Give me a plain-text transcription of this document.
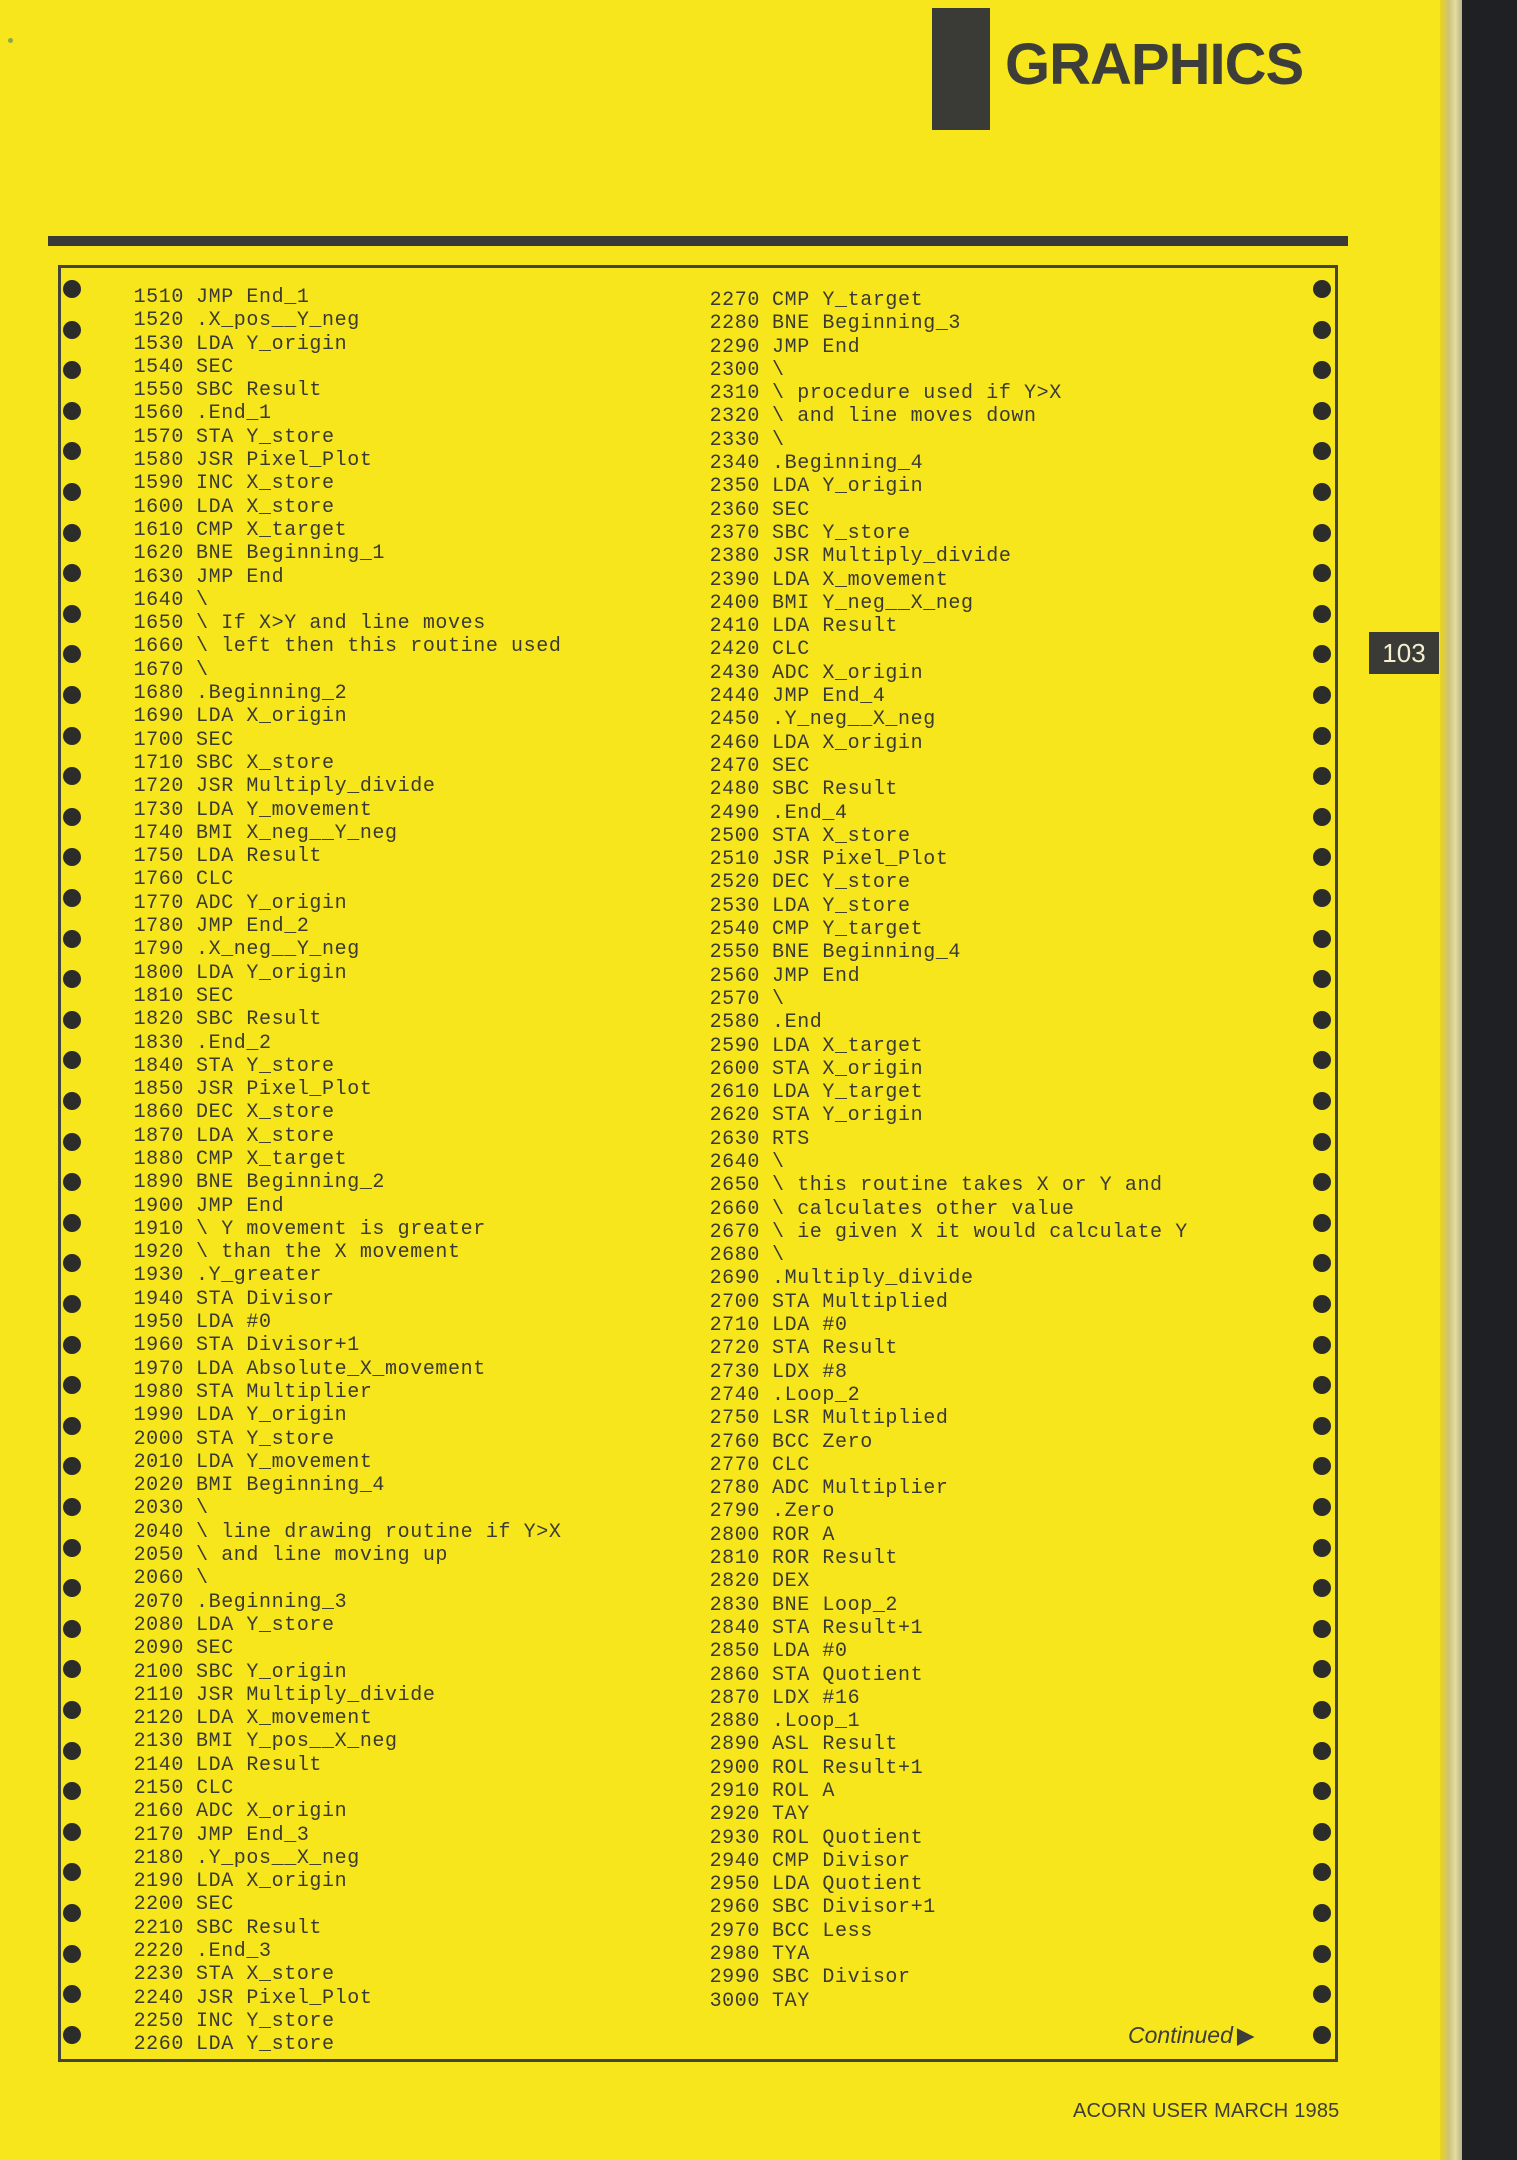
GRAPHICS
1510 JMP End_1
1520 .X_pos__Y_neg
1530 LDA Y_origin
1540 SEC
1550 SBC Result
1560 .End_1
1570 STA Y_store
1580 JSR Pixel_Plot
1590 INC X_store
1600 LDA X_store
1610 CMP X_target
1620 BNE Beginning_1
1630 JMP End
1640 \
1650 \ If X>Y and line moves
1660 \ left then this routine used
1670 \
1680 .Beginning_2
1690 LDA X_origin
1700 SEC
1710 SBC X_store
1720 JSR Multiply_divide
1730 LDA Y_movement
1740 BMI X_neg__Y_neg
1750 LDA Result
1760 CLC
1770 ADC Y_origin
1780 JMP End_2
1790 .X_neg__Y_neg
1800 LDA Y_origin
1810 SEC
1820 SBC Result
1830 .End_2
1840 STA Y_store
1850 JSR Pixel_Plot
1860 DEC X_store
1870 LDA X_store
1880 CMP X_target
1890 BNE Beginning_2
1900 JMP End
1910 \ Y movement is greater
1920 \ than the X movement
1930 .Y_greater
1940 STA Divisor
1950 LDA #0
1960 STA Divisor+1
1970 LDA Absolute_X_movement
1980 STA Multiplier
1990 LDA Y_origin
2000 STA Y_store
2010 LDA Y_movement
2020 BMI Beginning_4
2030 \
2040 \ line drawing routine if Y>X
2050 \ and line moving up
2060 \
2070 .Beginning_3
2080 LDA Y_store
2090 SEC
2100 SBC Y_origin
2110 JSR Multiply_divide
2120 LDA X_movement
2130 BMI Y_pos__X_neg
2140 LDA Result
2150 CLC
2160 ADC X_origin
2170 JMP End_3
2180 .Y_pos__X_neg
2190 LDA X_origin
2200 SEC
2210 SBC Result
2220 .End_3
2230 STA X_store
2240 JSR Pixel_Plot
2250 INC Y_store
2260 LDA Y_store
2270 CMP Y_target
2280 BNE Beginning_3
2290 JMP End
2300 \
2310 \ procedure used if Y>X
2320 \ and line moves down
2330 \
2340 .Beginning_4
2350 LDA Y_origin
2360 SEC
2370 SBC Y_store
2380 JSR Multiply_divide
2390 LDA X_movement
2400 BMI Y_neg__X_neg
2410 LDA Result
2420 CLC
2430 ADC X_origin
2440 JMP End_4
2450 .Y_neg__X_neg
2460 LDA X_origin
2470 SEC
2480 SBC Result
2490 .End_4
2500 STA X_store
2510 JSR Pixel_Plot
2520 DEC Y_store
2530 LDA Y_store
2540 CMP Y_target
2550 BNE Beginning_4
2560 JMP End
2570 \
2580 .End
2590 LDA X_target
2600 STA X_origin
2610 LDA Y_target
2620 STA Y_origin
2630 RTS
2640 \
2650 \ this routine takes X or Y and
2660 \ calculates other value
2670 \ ie given X it would calculate Y
2680 \
2690 .Multiply_divide
2700 STA Multiplied
2710 LDA #0
2720 STA Result
2730 LDX #8
2740 .Loop_2
2750 LSR Multiplied
2760 BCC Zero
2770 CLC
2780 ADC Multiplier
2790 .Zero
2800 ROR A
2810 ROR Result
2820 DEX
2830 BNE Loop_2
2840 STA Result+1
2850 LDA #0
2860 STA Quotient
2870 LDX #16
2880 .Loop_1
2890 ASL Result
2900 ROL Result+1
2910 ROL A
2920 TAY
2930 ROL Quotient
2940 CMP Divisor
2950 LDA Quotient
2960 SBC Divisor+1
2970 BCC Less
2980 TYA
2990 SBC Divisor
3000 TAY
103
Continued ▶
ACORN USER MARCH 1985
